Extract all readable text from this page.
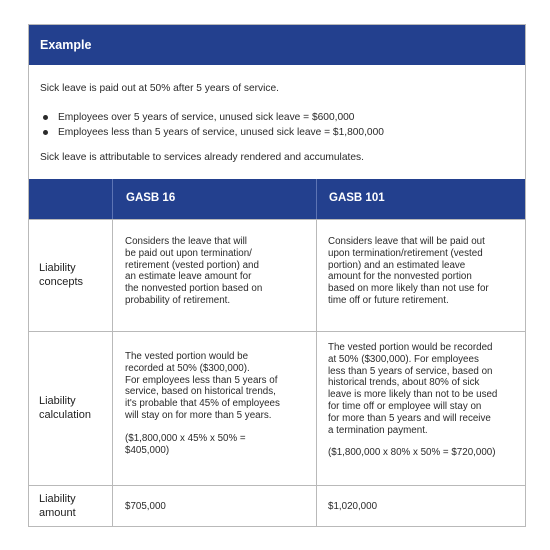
Example
Sick leave is paid out at 50% after 5 years of service.
Employees over 5 years of service, unused sick leave = $600,000
Employees less than 5 years of service, unused sick leave = $1,800,000
Sick leave is attributable to services already rendered and accumulates.
GASB 16	GASB 101
Liability
concepts
Considers the leave that will
be paid out upon termination/
retirement (vested portion) and
an estimate leave amount for
the nonvested portion based on
probability of retirement.
Considers leave that will be paid out
upon termination/retirement (vested
portion) and an estimated leave
amount for the nonvested portion
based on more likely than not use for
time off or future retirement.
Liability
calculation
The vested portion would be
recorded at 50% ($300,000).
For employees less than 5 years of
service, based on historical trends,
it's probable that 45% of employees
will stay on for more than 5 years.
($1,800,000 x 45% x 50% =
$405,000)
The vested portion would be recorded
at 50% ($300,000). For employees
less than 5 years of service, based on
historical trends, about 80% of sick
leave is more likely than not to be used
for time off or employee will stay on
for more than 5 years and will receive
a termination payment.
($1,800,000 x 80% x 50% = $720,000)
Liability
amount
$705,000	$1,020,000
